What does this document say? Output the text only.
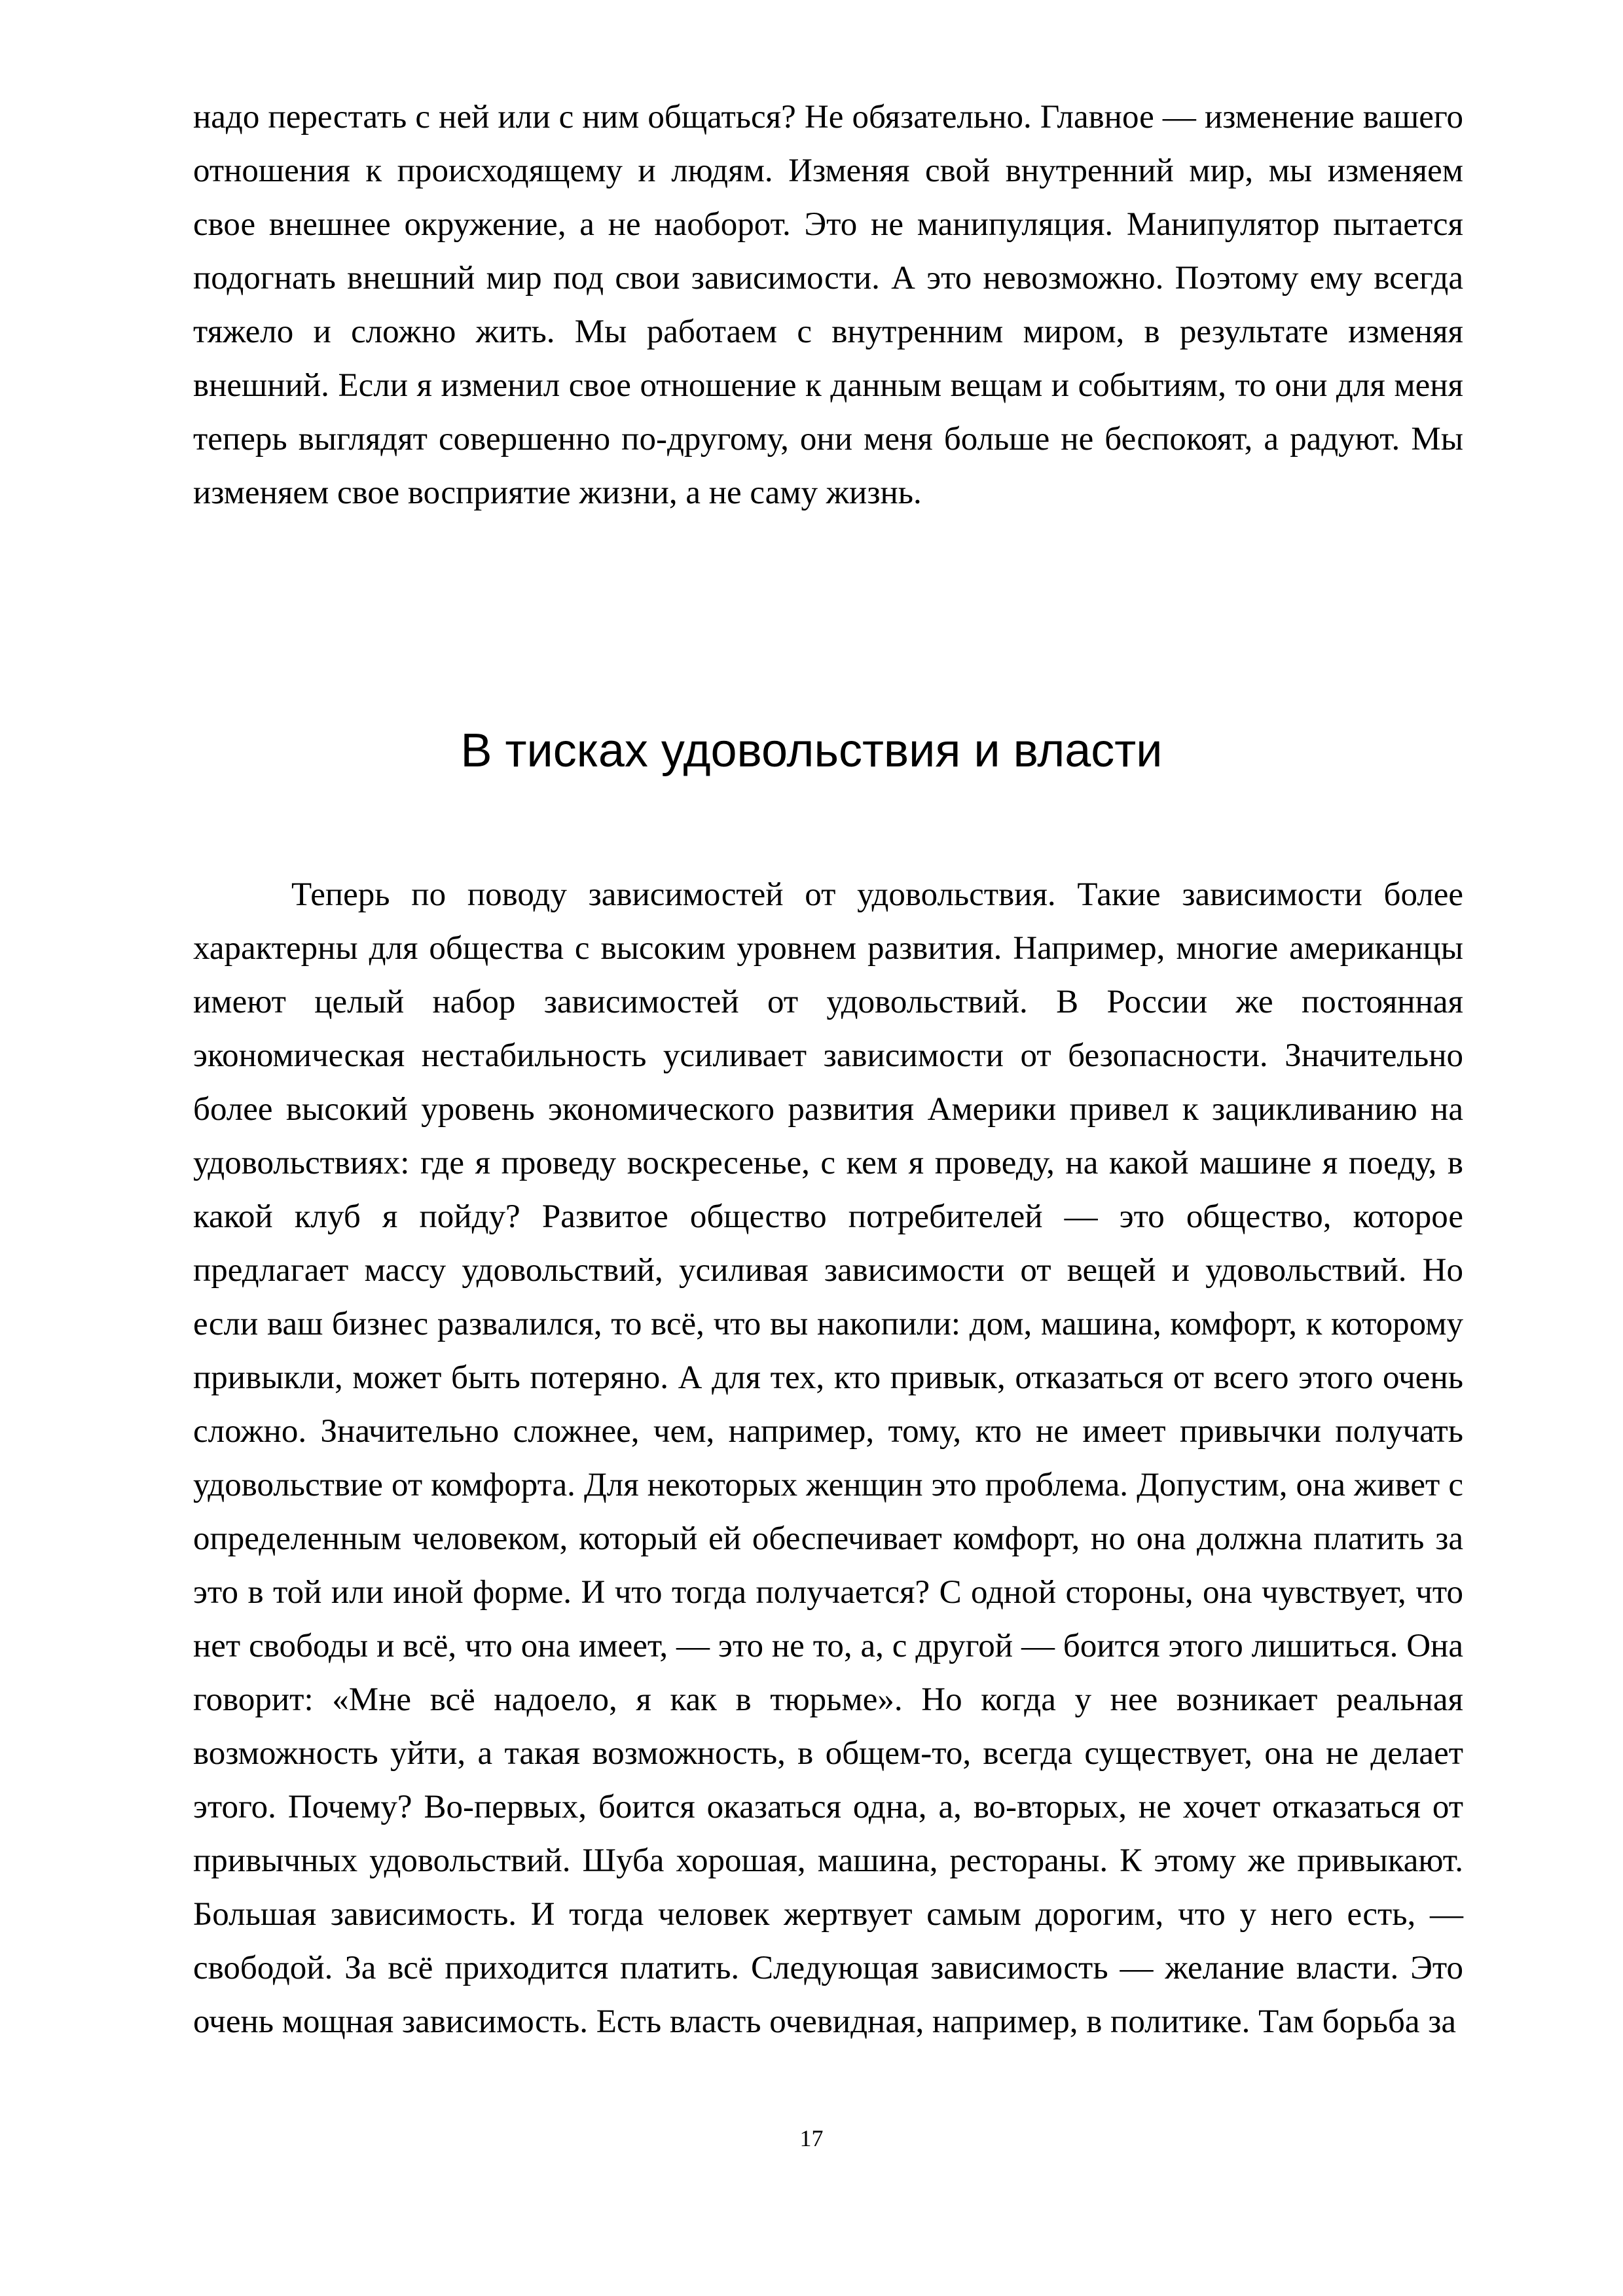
надо перестать с ней или с ним общаться? Не обязательно. Главное — изменение вашего отношения к происходящему и людям. Изменяя свой внутренний мир, мы изменяем свое внешнее окружение, а не наоборот. Это не манипуляция. Манипулятор пытается подогнать внешний мир под свои зависимости. А это невозможно. Поэтому ему всегда тяжело и сложно жить. Мы работаем с внутренним миром, в результате изменяя внешний. Если я изменил свое отношение к данным вещам и событиям, то они для меня теперь выглядят совершенно по-другому, они меня больше не беспокоят, а радуют. Мы изменяем свое восприятие жизни, а не саму жизнь.

В тисках удовольствия и власти

Теперь по поводу зависимостей от удовольствия. Такие зависимости более характерны для общества с высоким уровнем развития. Например, многие американцы имеют целый набор зависимостей от удовольствий. В России же постоянная экономическая нестабильность усиливает зависимости от безопасности. Значительно более высокий уровень экономического развития Америки привел к зацикливанию на удовольствиях: где я проведу воскресенье, с кем я проведу, на какой машине я поеду, в какой клуб я пойду? Развитое общество потребителей — это общество, которое предлагает массу удовольствий, усиливая зависимости от вещей и удовольствий. Но если ваш бизнес развалился, то всё, что вы накопили: дом, машина, комфорт, к которому привыкли, может быть потеряно. А для тех, кто привык, отказаться от всего этого очень сложно. Значительно сложнее, чем, например, тому, кто не имеет привычки получать удовольствие от комфорта. Для некоторых женщин это проблема. Допустим, она живет с определенным человеком, который ей обеспечивает комфорт, но она должна платить за это в той или иной форме. И что тогда получается? С одной стороны, она чувствует, что нет свободы и всё, что она имеет, — это не то, а, с другой — боится этого лишиться. Она говорит: «Мне всё надоело, я как в тюрьме». Но когда у нее возникает реальная возможность уйти, а такая возможность, в общем-то, всегда существует, она не делает этого. Почему? Во-первых, боится оказаться одна, а, во-вторых, не хочет отказаться от привычных удовольствий. Шуба хорошая, машина, рестораны. К этому же привыкают. Большая зависимость. И тогда человек жертвует самым дорогим, что у него есть, — свободой. За всё приходится платить. Следующая зависимость — желание власти. Это очень мощная зависимость. Есть власть очевидная, например, в политике. Там борьба за

17
